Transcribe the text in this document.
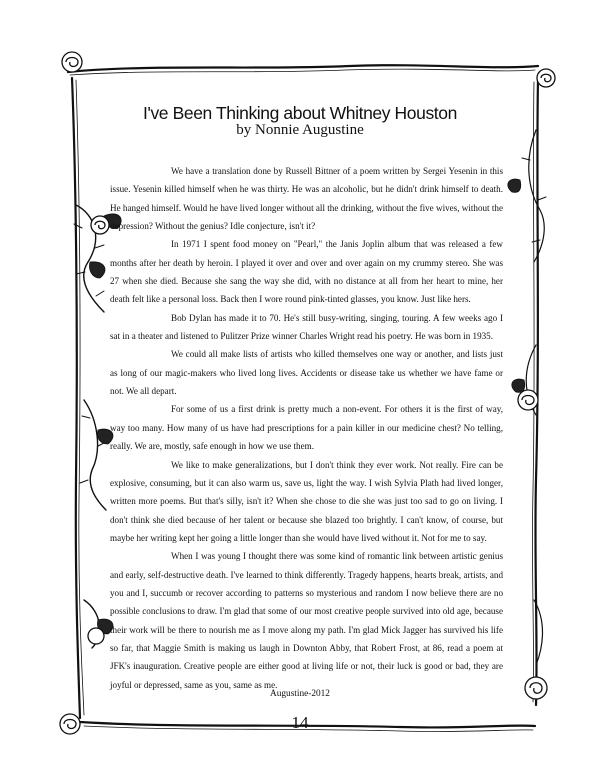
I've Been Thinking about Whitney Houston
by Nonnie Augustine

We have a translation done by Russell Bittner of a poem written by Sergei Yesenin in this issue. Yesenin killed himself when he was thirty. He was an alcoholic, but he didn't drink himself to death. He hanged himself. Would he have lived longer without all the drinking, without the five wives, without the depression? Without the genius? Idle conjecture, isn't it?

In 1971 I spent food money on "Pearl," the Janis Joplin album that was released a few months after her death by heroin. I played it over and over and over again on my crummy stereo. She was 27 when she died. Because she sang the way she did, with no distance at all from her heart to mine, her death felt like a personal loss. Back then I wore round pink-tinted glasses, you know. Just like hers.

Bob Dylan has made it to 70. He's still busy-writing, singing, touring. A few weeks ago I sat in a theater and listened to Pulitzer Prize winner Charles Wright read his poetry. He was born in 1935.

We could all make lists of artists who killed themselves one way or another, and lists just as long of our magic-makers who lived long lives. Accidents or disease take us whether we have fame or not. We all depart.

For some of us a first drink is pretty much a non-event. For others it is the first of way, way too many. How many of us have had prescriptions for a pain killer in our medicine chest? No telling, really. We are, mostly, safe enough in how we use them.

We like to make generalizations, but I don't think they ever work. Not really. Fire can be explosive, consuming, but it can also warm us, save us, light the way. I wish Sylvia Plath had lived longer, written more poems. But that's silly, isn't it? When she chose to die she was just too sad to go on living. I don't think she died because of her talent or because she blazed too brightly. I can't know, of course, but maybe her writing kept her going a little longer than she would have lived without it. Not for me to say.

When I was young I thought there was some kind of romantic link between artistic genius and early, self-destructive death. I've learned to think differently. Tragedy happens, hearts break, artists, and you and I, succumb or recover according to patterns so mysterious and random I now believe there are no possible conclusions to draw. I'm glad that some of our most creative people survived into old age, because their work will be there to nourish me as I move along my path. I'm glad Mick Jagger has survived his life so far, that Maggie Smith is making us laugh in Downton Abby, that Robert Frost, at 86, read a poem at JFK's inauguration. Creative people are either good at living life or not, their luck is good or bad, they are joyful or depressed, same as you, same as me.

Augustine-2012
14
